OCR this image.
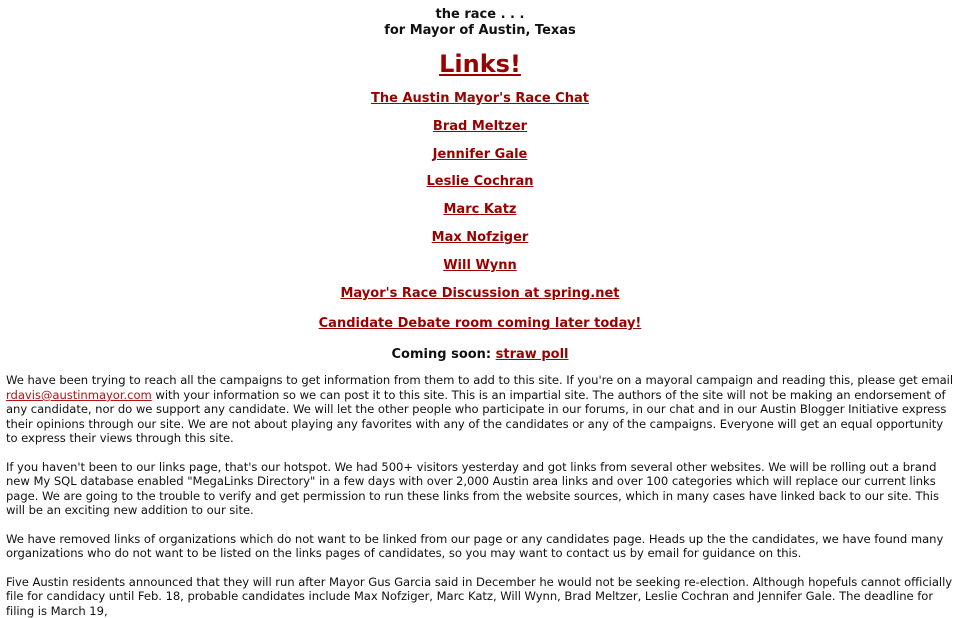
the race . . .
for Mayor of Austin, Texas
Links!
The Austin Mayor's Race Chat
Brad Meltzer
Jennifer Gale
Leslie Cochran
Marc Katz
Max Nofziger
Will Wynn
Mayor's Race Discussion at spring.net
Candidate Debate room coming later today!
Coming soon: straw poll

We have been trying to reach all the campaigns to get information from them to add to this site. If you're on a mayoral campaign and reading this, please get email rdavis@austinmayor.com with your information so we can post it to this site. This is an impartial site. The authors of the site will not be making an endorsement of any candidate, nor do we support any candidate. We will let the other people who participate in our forums, in our chat and in our Austin Blogger Initiative express their opinions through our site. We are not about playing any favorites with any of the candidates or any of the campaigns. Everyone will get an equal opportunity to express their views through this site.

If you haven't been to our links page, that's our hotspot. We had 500+ visitors yesterday and got links from several other websites. We will be rolling out a brand new My SQL database enabled "MegaLinks Directory" in a few days with over 2,000 Austin area links and over 100 categories which will replace our current links page. We are going to the trouble to verify and get permission to run these links from the website sources, which in many cases have linked back to our site. This will be an exciting new addition to our site.

We have removed links of organizations which do not want to be linked from our page or any candidates page. Heads up the the candidates, we have found many organizations who do not want to be listed on the links pages of candidates, so you may want to contact us by email for guidance on this.

Five Austin residents announced that they will run after Mayor Gus Garcia said in December he would not be seeking re-election. Although hopefuls cannot officially file for candidacy until Feb. 18, probable candidates include Max Nofziger, Marc Katz, Will Wynn, Brad Meltzer, Leslie Cochran and Jennifer Gale. The deadline for filing is March 19,
